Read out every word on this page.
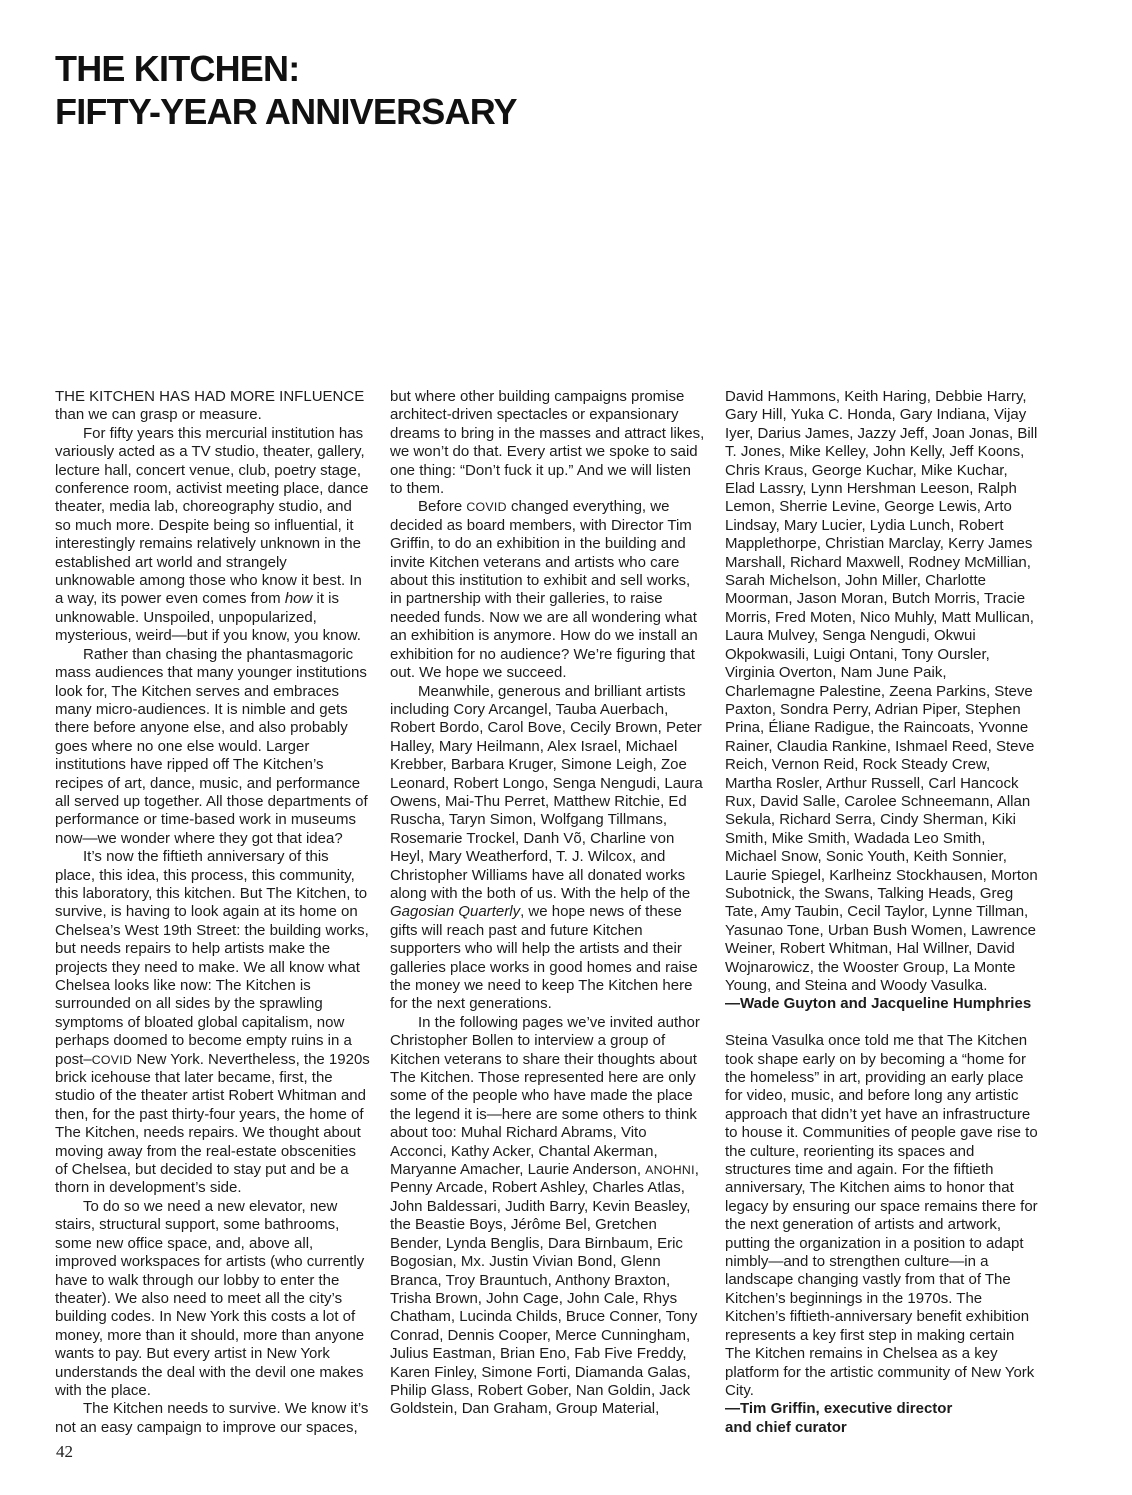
THE KITCHEN:
FIFTY-YEAR ANNIVERSARY

THE KITCHEN HAS HAD MORE INFLUENCE than we can grasp or measure.

For fifty years this mercurial institution has variously acted as a TV studio, theater, gallery, lecture hall, concert venue, club, poetry stage, conference room, activist meeting place, dance theater, media lab, choreography studio, and so much more. Despite being so influential, it interestingly remains relatively unknown in the established art world and strangely unknowable among those who know it best. In a way, its power even comes from how it is unknowable. Unspoiled, unpopularized, mysterious, weird—but if you know, you know.

Rather than chasing the phantasmagoric mass audiences that many younger institutions look for, The Kitchen serves and embraces many micro-audiences. It is nimble and gets there before anyone else, and also probably goes where no one else would. Larger institutions have ripped off The Kitchen’s recipes of art, dance, music, and performance all served up together. All those departments of performance or time-based work in museums now—we wonder where they got that idea?

It’s now the fiftieth anniversary of this place, this idea, this process, this community, this laboratory, this kitchen. But The Kitchen, to survive, is having to look again at its home on Chelsea’s West 19th Street: the building works, but needs repairs to help artists make the projects they need to make. We all know what Chelsea looks like now: The Kitchen is surrounded on all sides by the sprawling symptoms of bloated global capitalism, now perhaps doomed to become empty ruins in a post–COVID New York. Nevertheless, the 1920s brick icehouse that later became, first, the studio of the theater artist Robert Whitman and then, for the past thirty-four years, the home of The Kitchen, needs repairs. We thought about moving away from the real-estate obscenities of Chelsea, but decided to stay put and be a thorn in development’s side.

To do so we need a new elevator, new stairs, structural support, some bathrooms, some new office space, and, above all, improved workspaces for artists (who currently have to walk through our lobby to enter the theater). We also need to meet all the city’s building codes. In New York this costs a lot of money, more than it should, more than anyone wants to pay. But every artist in New York understands the deal with the devil one makes with the place.

The Kitchen needs to survive. We know it’s not an easy campaign to improve our spaces,

but where other building campaigns promise architect-driven spectacles or expansionary dreams to bring in the masses and attract likes, we won’t do that. Every artist we spoke to said one thing: “Don’t fuck it up.” And we will listen to them.

Before COVID changed everything, we decided as board members, with Director Tim Griffin, to do an exhibition in the building and invite Kitchen veterans and artists who care about this institution to exhibit and sell works, in partnership with their galleries, to raise needed funds. Now we are all wondering what an exhibition is anymore. How do we install an exhibition for no audience? We’re figuring that out. We hope we succeed.

Meanwhile, generous and brilliant artists including Cory Arcangel, Tauba Auerbach, Robert Bordo, Carol Bove, Cecily Brown, Peter Halley, Mary Heilmann, Alex Israel, Michael Krebber, Barbara Kruger, Simone Leigh, Zoe Leonard, Robert Longo, Senga Nengudi, Laura Owens, Mai-Thu Perret, Matthew Ritchie, Ed Ruscha, Taryn Simon, Wolfgang Tillmans, Rosemarie Trockel, Danh Võ, Charline von Heyl, Mary Weatherford, T. J. Wilcox, and Christopher Williams have all donated works along with the both of us. With the help of the Gagosian Quarterly, we hope news of these gifts will reach past and future Kitchen supporters who will help the artists and their galleries place works in good homes and raise the money we need to keep The Kitchen here for the next generations.

In the following pages we’ve invited author Christopher Bollen to interview a group of Kitchen veterans to share their thoughts about The Kitchen. Those represented here are only some of the people who have made the place the legend it is—here are some others to think about too: Muhal Richard Abrams, Vito Acconci, Kathy Acker, Chantal Akerman, Maryanne Amacher, Laurie Anderson, ANOHNI, Penny Arcade, Robert Ashley, Charles Atlas, John Baldessari, Judith Barry, Kevin Beasley, the Beastie Boys, Jérôme Bel, Gretchen Bender, Lynda Benglis, Dara Birnbaum, Eric Bogosian, Mx. Justin Vivian Bond, Glenn Branca, Troy Brauntuch, Anthony Braxton, Trisha Brown, John Cage, John Cale, Rhys Chatham, Lucinda Childs, Bruce Conner, Tony Conrad, Dennis Cooper, Merce Cunningham, Julius Eastman, Brian Eno, Fab Five Freddy, Karen Finley, Simone Forti, Diamanda Galas, Philip Glass, Robert Gober, Nan Goldin, Jack Goldstein, Dan Graham, Group Material,

David Hammons, Keith Haring, Debbie Harry, Gary Hill, Yuka C. Honda, Gary Indiana, Vijay Iyer, Darius James, Jazzy Jeff, Joan Jonas, Bill T. Jones, Mike Kelley, John Kelly, Jeff Koons, Chris Kraus, George Kuchar, Mike Kuchar, Elad Lassry, Lynn Hershman Leeson, Ralph Lemon, Sherrie Levine, George Lewis, Arto Lindsay, Mary Lucier, Lydia Lunch, Robert Mapplethorpe, Christian Marclay, Kerry James Marshall, Richard Maxwell, Rodney McMillian, Sarah Michelson, John Miller, Charlotte Moorman, Jason Moran, Butch Morris, Tracie Morris, Fred Moten, Nico Muhly, Matt Mullican, Laura Mulvey, Senga Nengudi, Okwui Okpokwasili, Luigi Ontani, Tony Oursler, Virginia Overton, Nam June Paik, Charlemagne Palestine, Zeena Parkins, Steve Paxton, Sondra Perry, Adrian Piper, Stephen Prina, Éliane Radigue, the Raincoats, Yvonne Rainer, Claudia Rankine, Ishmael Reed, Steve Reich, Vernon Reid, Rock Steady Crew, Martha Rosler, Arthur Russell, Carl Hancock Rux, David Salle, Carolee Schneemann, Allan Sekula, Richard Serra, Cindy Sherman, Kiki Smith, Mike Smith, Wadada Leo Smith, Michael Snow, Sonic Youth, Keith Sonnier, Laurie Spiegel, Karlheinz Stockhausen, Morton Subotnick, the Swans, Talking Heads, Greg Tate, Amy Taubin, Cecil Taylor, Lynne Tillman, Yasunao Tone, Urban Bush Women, Lawrence Weiner, Robert Whitman, Hal Willner, David Wojnarowicz, the Wooster Group, La Monte Young, and Steina and Woody Vasulka.

—Wade Guyton and Jacqueline Humphries

Steina Vasulka once told me that The Kitchen took shape early on by becoming a “home for the homeless” in art, providing an early place for video, music, and before long any artistic approach that didn’t yet have an infrastructure to house it. Communities of people gave rise to the culture, reorienting its spaces and structures time and again. For the fiftieth anniversary, The Kitchen aims to honor that legacy by ensuring our space remains there for the next generation of artists and artwork, putting the organization in a position to adapt nimbly—and to strengthen culture—in a landscape changing vastly from that of The Kitchen’s beginnings in the 1970s. The Kitchen’s fiftieth-anniversary benefit exhibition represents a key first step in making certain The Kitchen remains in Chelsea as a key platform for the artistic community of New York City.

—Tim Griffin, executive director

and chief curator

42
